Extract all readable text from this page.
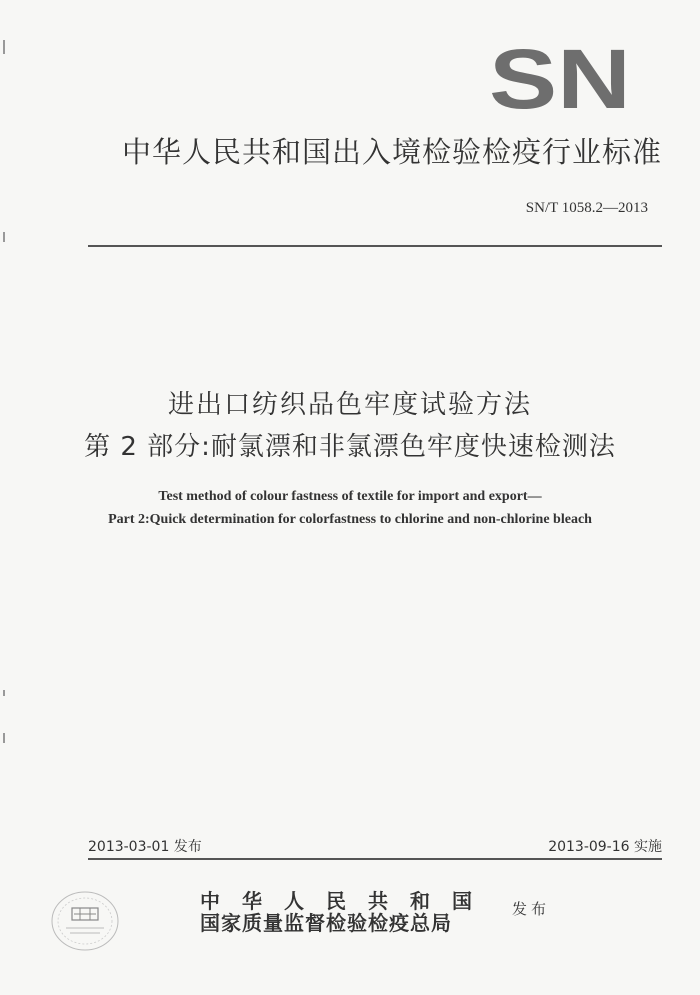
SN
中华人民共和国出入境检验检疫行业标准
SN/T 1058.2—2013
进出口纺织品色牢度试验方法
第 2 部分:耐氯漂和非氯漂色牢度快速检测法
Test method of colour fastness of textile for import and export—
Part 2:Quick determination for colorfastness to chlorine and non-chlorine bleach
2013-03-01 发布	2013-09-16 实施
中华人民共和国
国家质量监督检验检疫总局
发布
